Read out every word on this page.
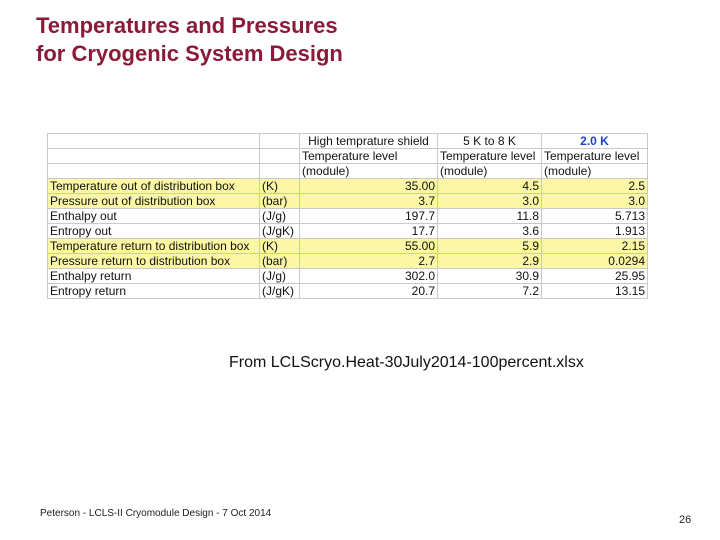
Temperatures and Pressures
for Cryogenic System Design
		High temprature shield	5 K to 8 K	2.0 K
		Temperature level	Temperature level	Temperature level
		(module)	(module)	(module)
Temperature out of distribution box	(K)	35.00	4.5	2.5
Pressure out of distribution box	(bar)	3.7	3.0	3.0
Enthalpy out	(J/g)	197.7	11.8	5.713
Entropy out	(J/gK)	17.7	3.6	1.913
Temperature return to distribution box	(K)	55.00	5.9	2.15
Pressure return to distribution box	(bar)	2.7	2.9	0.0294
Enthalpy return	(J/g)	302.0	30.9	25.95
Entropy return	(J/gK)	20.7	7.2	13.15
From LCLScryo.Heat-30July2014-100percent.xlsx
Peterson - LCLS-II Cryomodule Design - 7 Oct 2014
26
